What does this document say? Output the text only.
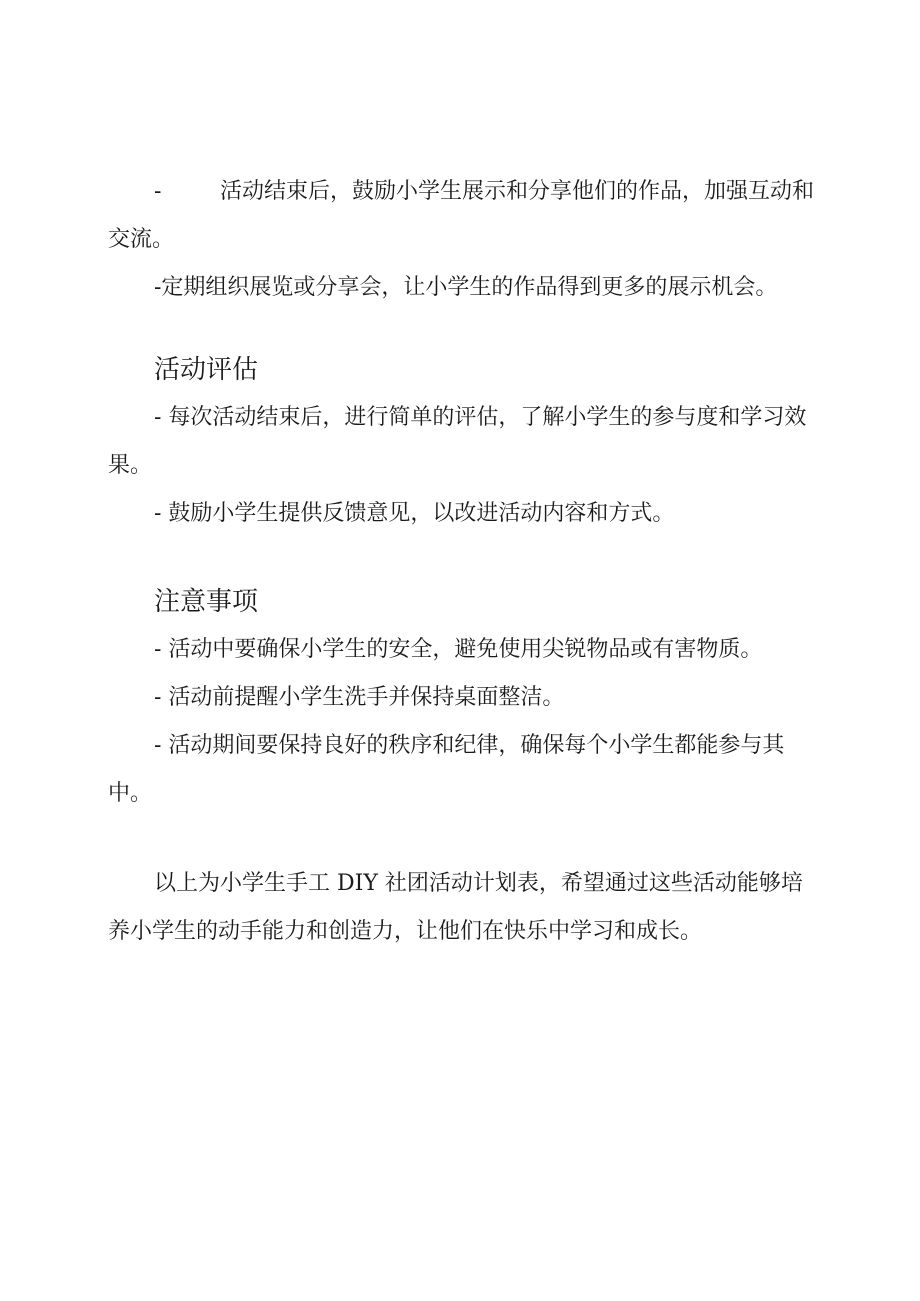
-	活动结束后，鼓励小学生展示和分享他们的作品，加强互动和交流。

-定期组织展览或分享会，让小学生的作品得到更多的展示机会。

活动评估

- 每次活动结束后，进行简单的评估，了解小学生的参与度和学习效果。

- 鼓励小学生提供反馈意见，以改进活动内容和方式。

注意事项

- 活动中要确保小学生的安全，避免使用尖锐物品或有害物质。

- 活动前提醒小学生洗手并保持桌面整洁。

- 活动期间要保持良好的秩序和纪律，确保每个小学生都能参与其中。

以上为小学生手工 DIY 社团活动计划表，希望通过这些活动能够培养小学生的动手能力和创造力，让他们在快乐中学习和成长。
